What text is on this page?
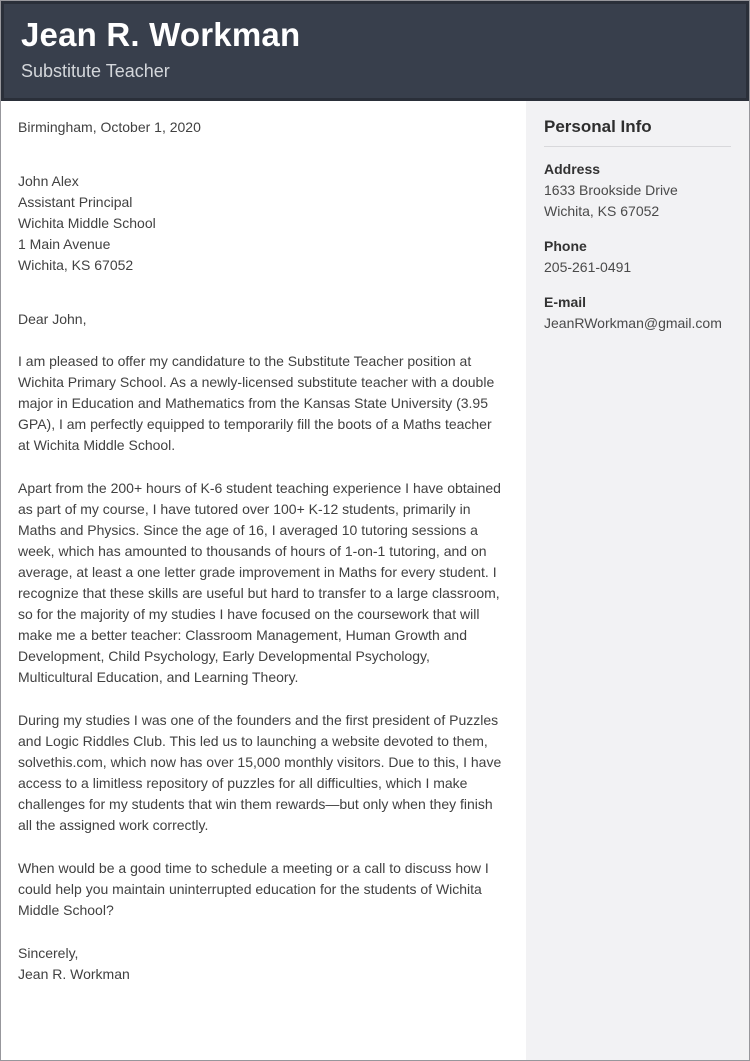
Jean R. Workman
Substitute Teacher

Birmingham, October 1, 2020

John Alex

Assistant Principal

Wichita Middle School

1 Main Avenue

Wichita, KS 67052

Dear John,

I am pleased to offer my candidature to the Substitute Teacher position at Wichita Primary School. As a newly-licensed substitute teacher with a double major in Education and Mathematics from the Kansas State University (3.95 GPA), I am perfectly equipped to temporarily fill the boots of a Maths teacher at Wichita Middle School.

Apart from the 200+ hours of K-6 student teaching experience I have obtained as part of my course, I have tutored over 100+ K-12 students, primarily in Maths and Physics. Since the age of 16, I averaged 10 tutoring sessions a week, which has amounted to thousands of hours of 1-on-1 tutoring, and on average, at least a one letter grade improvement in Maths for every student. I recognize that these skills are useful but hard to transfer to a large classroom, so for the majority of my studies I have focused on the coursework that will make me a better teacher: Classroom Management, Human Growth and Development, Child Psychology, Early Developmental Psychology, Multicultural Education, and Learning Theory.

During my studies I was one of the founders and the first president of Puzzles and Logic Riddles Club. This led us to launching a website devoted to them, solvethis.com, which now has over 15,000 monthly visitors. Due to this, I have access to a limitless repository of puzzles for all difficulties, which I make challenges for my students that win them rewards—but only when they finish all the assigned work correctly.

When would be a good time to schedule a meeting or a call to discuss how I could help you maintain uninterrupted education for the students of Wichita Middle School?

Sincerely,

Jean R. Workman

Personal Info
Address
1633 Brookside Drive
Wichita, KS 67052
Phone
205-261-0491
E-mail
JeanRWorkman@gmail.com
